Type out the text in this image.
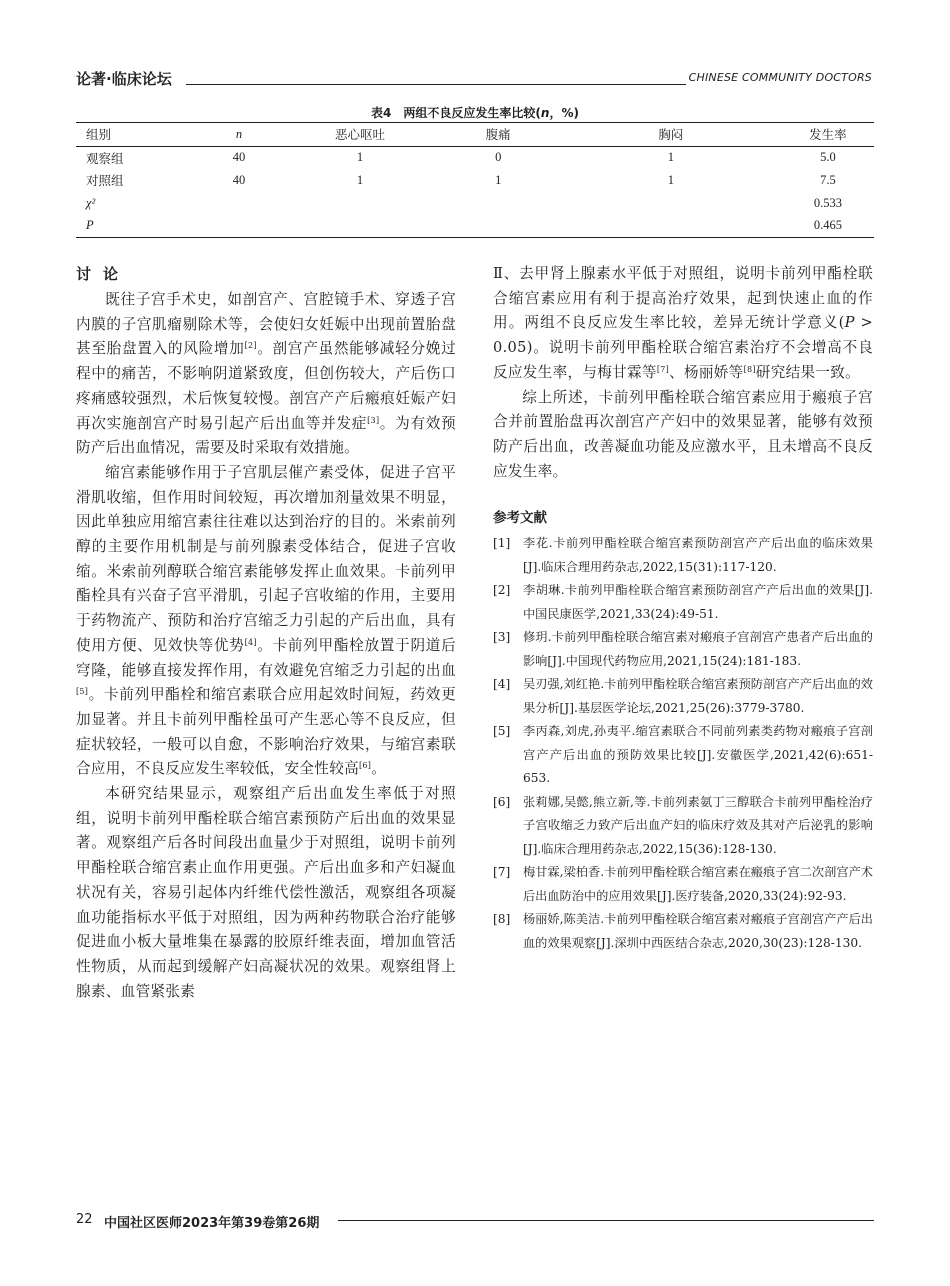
论著·临床论坛	CHINESE COMMUNITY DOCTORS
表4　两组不良反应发生率比较(n，%)
组别	n	恶心呕吐	腹痛	胸闷	发生率
观察组	40	1	0	1	5.0
对照组	40	1	1	1	7.5
χ²					0.533
P					0.465
讨论

既往子宫手术史，如剖宫产、宫腔镜手术、穿透子宫内膜的子宫肌瘤剔除术等，会使妇女妊娠中出现前置胎盘甚至胎盘置入的风险增加[2]。剖宫产虽然能够减轻分娩过程中的痛苦，不影响阴道紧致度，但创伤较大，产后伤口疼痛感较强烈，术后恢复较慢。剖宫产产后瘢痕妊娠产妇再次实施剖宫产时易引起产后出血等并发症[3]。为有效预防产后出血情况，需要及时采取有效措施。

缩宫素能够作用于子宫肌层催产素受体，促进子宫平滑肌收缩，但作用时间较短，再次增加剂量效果不明显，因此单独应用缩宫素往往难以达到治疗的目的。米索前列醇的主要作用机制是与前列腺素受体结合，促进子宫收缩。米索前列醇联合缩宫素能够发挥止血效果。卡前列甲酯栓具有兴奋子宫平滑肌，引起子宫收缩的作用，主要用于药物流产、预防和治疗宫缩乏力引起的产后出血，具有使用方便、见效快等优势[4]。卡前列甲酯栓放置于阴道后穹隆，能够直接发挥作用，有效避免宫缩乏力引起的出血[5]。卡前列甲酯栓和缩宫素联合应用起效时间短，药效更加显著。并且卡前列甲酯栓虽可产生恶心等不良反应，但症状较轻，一般可以自愈，不影响治疗效果，与缩宫素联合应用，不良反应发生率较低，安全性较高[6]。

本研究结果显示，观察组产后出血发生率低于对照组，说明卡前列甲酯栓联合缩宫素预防产后出血的效果显著。观察组产后各时间段出血量少于对照组，说明卡前列甲酯栓联合缩宫素止血作用更强。产后出血多和产妇凝血状况有关，容易引起体内纤维代偿性激活，观察组各项凝血功能指标水平低于对照组，因为两种药物联合治疗能够促进血小板大量堆集在暴露的胶原纤维表面，增加血管活性物质，从而起到缓解产妇高凝状况的效果。观察组肾上腺素、血管紧张素

Ⅱ、去甲肾上腺素水平低于对照组，说明卡前列甲酯栓联合缩宫素应用有利于提高治疗效果，起到快速止血的作用。两组不良反应发生率比较，差异无统计学意义(P > 0.05)。说明卡前列甲酯栓联合缩宫素治疗不会增高不良反应发生率，与梅甘霖等[7]、杨丽娇等[8]研究结果一致。

综上所述，卡前列甲酯栓联合缩宫素应用于瘢痕子宫合并前置胎盘再次剖宫产产妇中的效果显著，能够有效预防产后出血，改善凝血功能及应激水平，且未增高不良反应发生率。

参考文献
[1]	李花.卡前列甲酯栓联合缩宫素预防剖宫产产后出血的临床效果[J].临床合理用药杂志,2022,15(31):117-120.
[2]	李胡琳.卡前列甲酯栓联合缩宫素预防剖宫产产后出血的效果[J].中国民康医学,2021,33(24):49-51.
[3]	修玥.卡前列甲酯栓联合缩宫素对瘢痕子宫剖宫产患者产后出血的影响[J].中国现代药物应用,2021,15(24):181-183.
[4]	吴刃强,刘红艳.卡前列甲酯栓联合缩宫素预防剖宫产产后出血的效果分析[J].基层医学论坛,2021,25(26):3779-3780.
[5]	李丙森,刘虎,孙夷平.缩宫素联合不同前列素类药物对瘢痕子宫剖宫产产后出血的预防效果比较[J].安徽医学,2021,42(6):651-653.
[6]	张莉娜,吴懿,熊立新,等.卡前列素氨丁三醇联合卡前列甲酯栓治疗子宫收缩乏力致产后出血产妇的临床疗效及其对产后泌乳的影响[J].临床合理用药杂志,2022,15(36):128-130.
[7]	梅甘霖,梁柏香.卡前列甲酯栓联合缩宫素在瘢痕子宫二次剖宫产术后出血防治中的应用效果[J].医疗装备,2020,33(24):92-93.
[8]	杨丽娇,陈美洁.卡前列甲酯栓联合缩宫素对瘢痕子宫剖宫产产后出血的效果观察[J].深圳中西医结合杂志,2020,30(23):128-130.
22 中国社区医师2023年第39卷第26期
